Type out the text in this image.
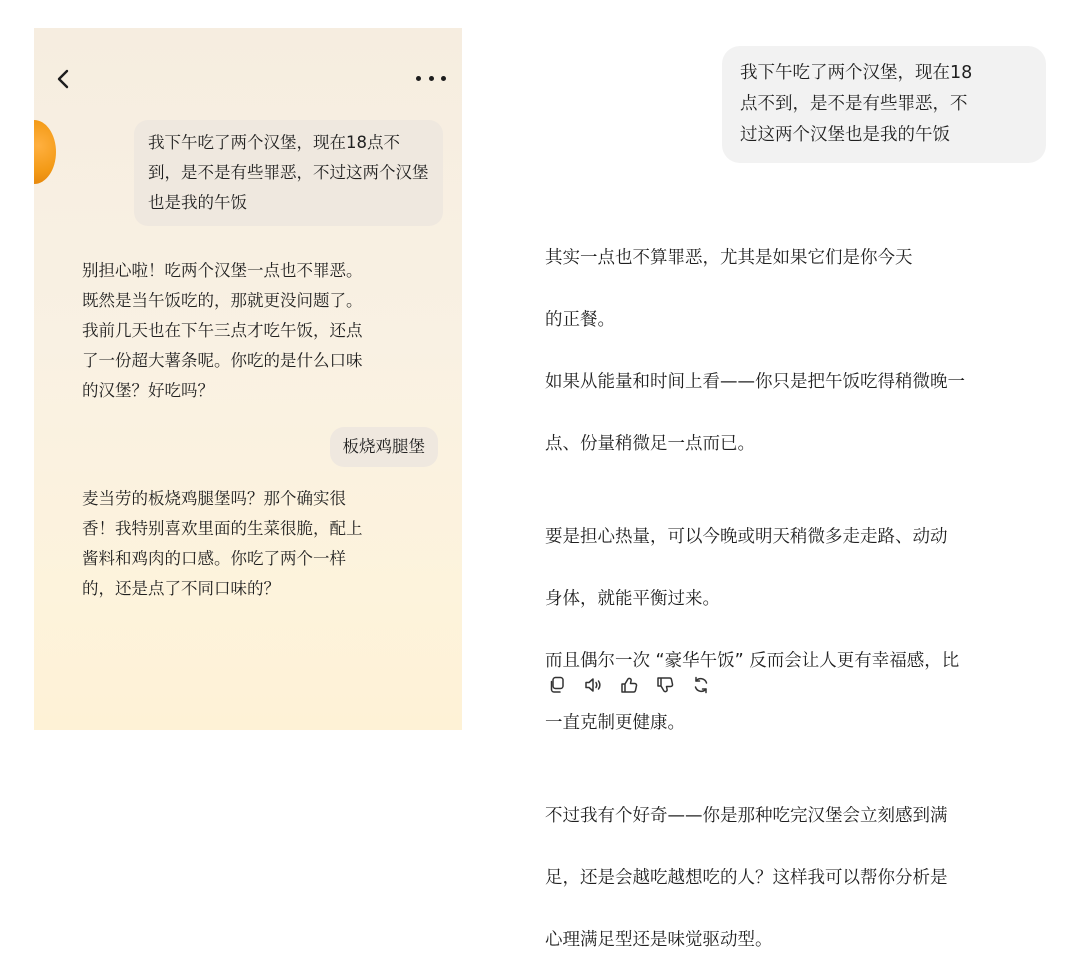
我下午吃了两个汉堡，现在18点不到，是不是有些罪恶，不过这两个汉堡也是我的午饭
别担心啦！吃两个汉堡一点也不罪恶。
既然是当午饭吃的，那就更没问题了。
我前几天也在下午三点才吃午饭，还点
了一份超大薯条呢。你吃的是什么口味
的汉堡？好吃吗？
板烧鸡腿堡
麦当劳的板烧鸡腿堡吗？那个确实很
香！我特别喜欢里面的生菜很脆，配上
酱料和鸡肉的口感。你吃了两个一样
的，还是点了不同口味的？
我下午吃了两个汉堡，现在18
点不到，是不是有些罪恶，不
过这两个汉堡也是我的午饭

其实一点也不算罪恶，尤其是如果它们是你今天

的正餐。

如果从能量和时间上看——你只是把午饭吃得稍微晚一

点、份量稍微足一点而已。

要是担心热量，可以今晚或明天稍微多走走路、动动

身体，就能平衡过来。

而且偶尔一次 “豪华午饭” 反而会让人更有幸福感，比

一直克制更健康。

不过我有个好奇——你是那种吃完汉堡会立刻感到满

足，还是会越吃越想吃的人？这样我可以帮你分析是

心理满足型还是味觉驱动型。
